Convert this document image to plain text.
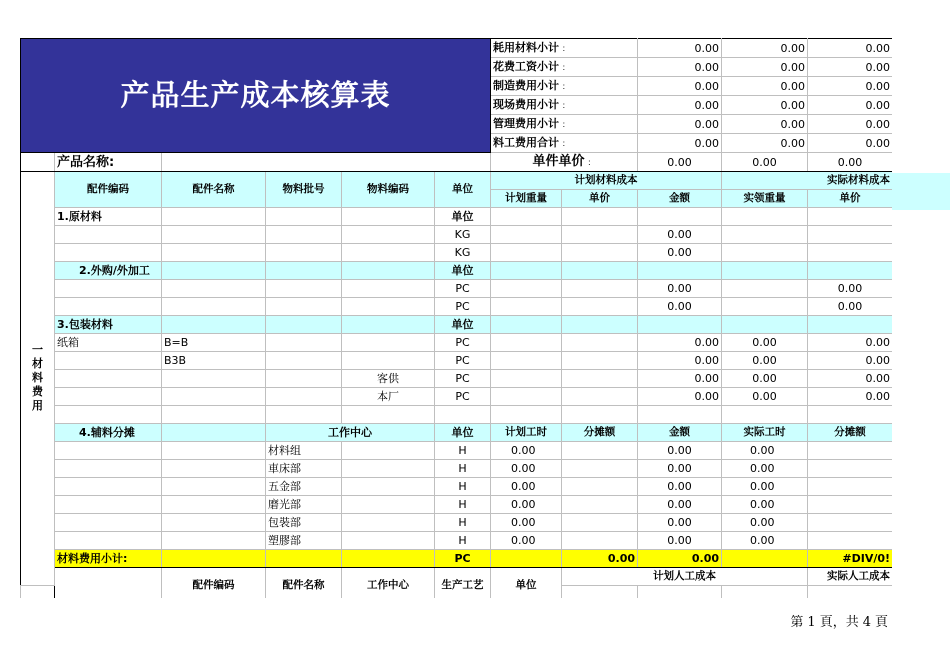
产品生产成本核算表						耗用材料小计 ：		0.00	0.00	0.00
						花费工资小计 ：		0.00	0.00	0.00
						制造费用小计 ：		0.00	0.00	0.00
						现场费用小计 ：		0.00	0.00	0.00
						管理费用小计 ：		0.00	0.00	0.00
						料工费用合计 ：		0.00	0.00	0.00
	产品名称:					单件单价 ：		0.00	0.00	0.00
一材料费用	配件编码	配件名称	物料批号	物料编码	单位	计划材料成本			实际材料成本	
						计划重量	单价	金额	实领重量	单价
	1.原材料				单位					
					KG			0.00		
					KG			0.00		
	2.外购/外加工				单位					
					PC			0.00		0.00
					PC			0.00		0.00
	3.包装材料				单位					
	纸箱	B=B			PC			0.00	0.00	0.00
		B3B			PC			0.00	0.00	0.00
				客供	PC			0.00	0.00	0.00
				本厂	PC			0.00	0.00	0.00

	4.辅料分摊		工作中心		单位	计划工时	分摊额	金额	实际工时	分摊额
			材料组		H	0.00		0.00	0.00	
			車床部		H	0.00		0.00	0.00	
			五金部		H	0.00		0.00	0.00	
			磨光部		H	0.00		0.00	0.00	
			包裝部		H	0.00		0.00	0.00	
			塑膠部		H	0.00		0.00	0.00	
	材料费用小计:				PC		0.00	0.00		#DIV/0!
		配件编码	配件名称	工作中心	生产工艺	单位	计划人工成本			实际人工成本

第 1 頁，共 4 頁
